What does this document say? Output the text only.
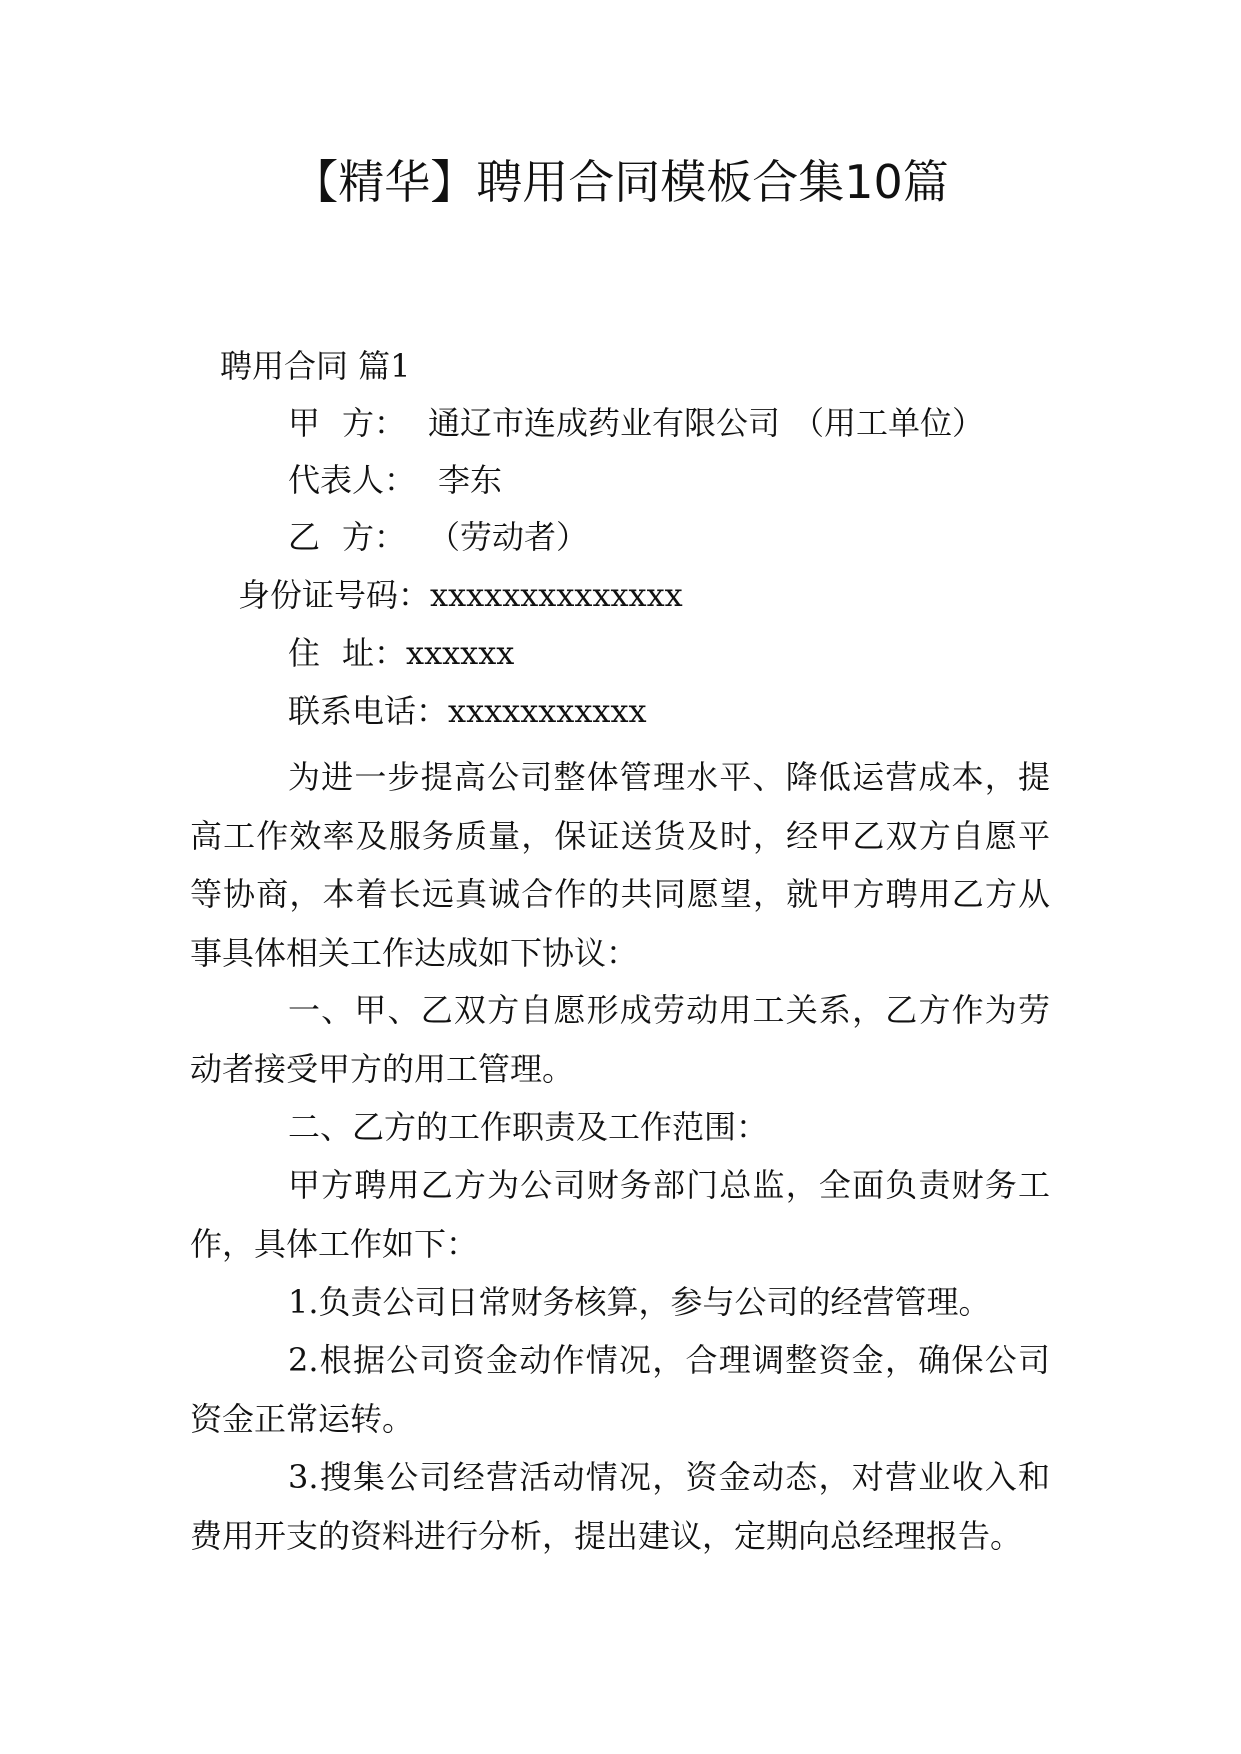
【精华】聘用合同模板合集10篇
聘用合同 篇1
甲 方： 通辽市连成药业有限公司 （用工单位）
代表人： 李东
乙 方： （劳动者）
身份证号码：xxxxxxxxxxxxxx
住 址：xxxxxx
联系电话：xxxxxxxxxxx

为进一步提高公司整体管理水平、降低运营成本，提高工作效率及服务质量，保证送货及时，经甲乙双方自愿平等协商，本着长远真诚合作的共同愿望，就甲方聘用乙方从事具体相关工作达成如下协议：

一、甲、乙双方自愿形成劳动用工关系，乙方作为劳动者接受甲方的用工管理。

二、乙方的工作职责及工作范围：

甲方聘用乙方为公司财务部门总监，全面负责财务工作，具体工作如下：

1.负责公司日常财务核算，参与公司的经营管理。

2.根据公司资金动作情况，合理调整资金，确保公司资金正常运转。

3.搜集公司经营活动情况，资金动态，对营业收入和费用开支的资料进行分析，提出建议，定期向总经理报告。
